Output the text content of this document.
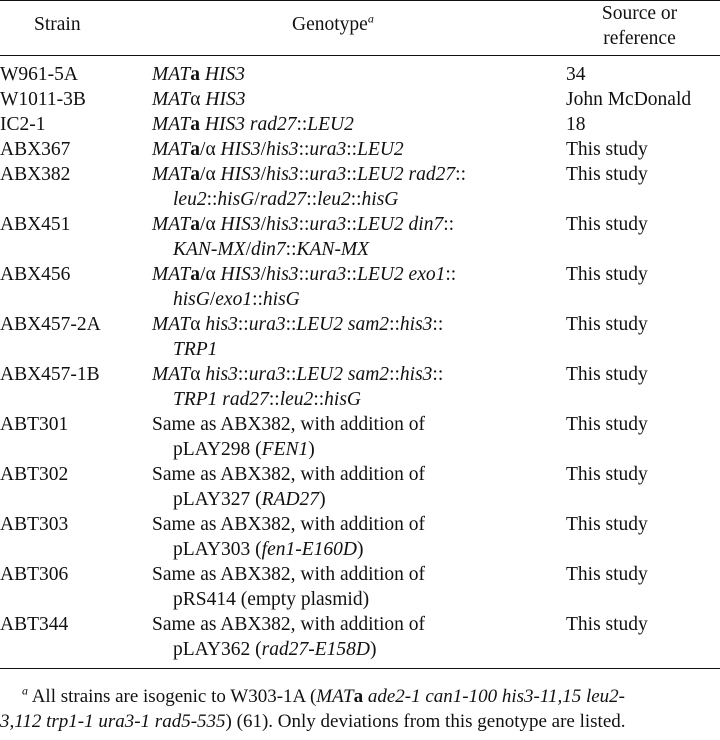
Strain	Genotype$^a$	Source or
reference
W961-5A	MATa HIS3	34
W1011-3B	MATα HIS3	John McDonald
IC2-1	MATa HIS3 rad27::LEU2	18
ABX367	MATa/α HIS3/his3::ura3::LEU2	This study
ABX382	MATa/α HIS3/his3::ura3::LEU2 rad27::
leu2::hisG/rad27::leu2::hisG	This study
ABX451	MATa/α HIS3/his3::ura3::LEU2 din7::
KAN-MX/din7::KAN-MX	This study
ABX456	MATa/α HIS3/his3::ura3::LEU2 exo1::
hisG/exo1::hisG	This study
ABX457-2A	MATα his3::ura3::LEU2 sam2::his3::
TRP1	This study
ABX457-1B	MATα his3::ura3::LEU2 sam2::his3::
TRP1 rad27::leu2::hisG	This study
ABT301	Same as ABX382, with addition of
pLAY298 (FEN1)	This study
ABT302	Same as ABX382, with addition of
pLAY327 (RAD27)	This study
ABT303	Same as ABX382, with addition of
pLAY303 (fen1-E160D)	This study
ABT306	Same as ABX382, with addition of
pRS414 (empty plasmid)	This study
ABT344	Same as ABX382, with addition of
pLAY362 (rad27-E158D)	This study
$^a$ All strains are isogenic to W303-1A (MATa ade2-1 can1-100 his3-11,15 leu2-
3,112 trp1-1 ura3-1 rad5-535) (61). Only deviations from this genotype are listed.
